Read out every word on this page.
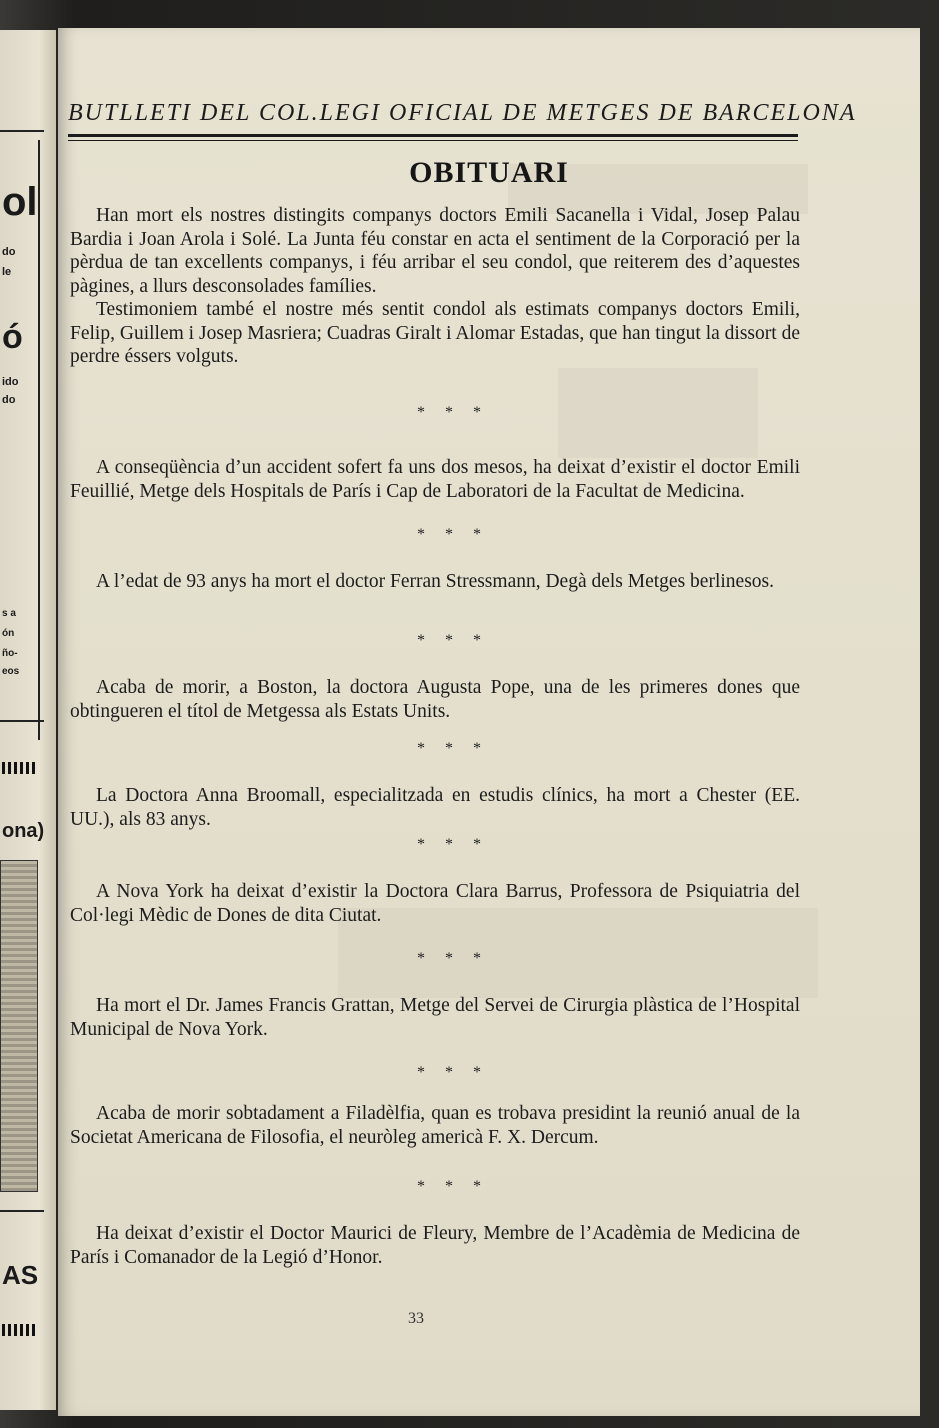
ol
do
le
ó
ido
do
s a
ón
ño-
eos
ona)
AS
BUTLLETI DEL COL.LEGI OFICIAL DE METGES DE BARCELONA
OBITUARI

Han mort els nostres distingits companys doctors Emili Sacanella i Vidal, Josep Palau Bardia i Joan Arola i Solé. La Junta féu constar en acta el sentiment de la Corporació per la pèrdua de tan excellents companys, i féu arribar el seu condol, que reiterem des d’aquestes pàgines, a llurs desconsolades famílies.

Testimoniem també el nostre més sentit condol als estimats companys doctors Emili, Felip, Guillem i Josep Masriera; Cuadras Giralt i Alomar Estadas, que han tingut la dissort de perdre éssers volguts.

* * *

A conseqüència d’un accident sofert fa uns dos mesos, ha deixat d’existir el doctor Emili Feuillié, Metge dels Hospitals de París i Cap de Laboratori de la Facultat de Medicina.

* * *

A l’edat de 93 anys ha mort el doctor Ferran Stressmann, Degà dels Metges berlinesos.

* * *

Acaba de morir, a Boston, la doctora Augusta Pope, una de les primeres dones que obtingueren el títol de Metgessa als Estats Units.

* * *

La Doctora Anna Broomall, especialitzada en estudis clínics, ha mort a Chester (EE. UU.), als 83 anys.

* * *

A Nova York ha deixat d’existir la Doctora Clara Barrus, Professora de Psiquiatria del Col·legi Mèdic de Dones de dita Ciutat.

* * *

Ha mort el Dr. James Francis Grattan, Metge del Servei de Cirurgia plàstica de l’Hospital Municipal de Nova York.

* * *

Acaba de morir sobtadament a Filadèlfia, quan es trobava presidint la reunió anual de la Societat Americana de Filosofia, el neuròleg americà F. X. Dercum.

* * *

Ha deixat d’existir el Doctor Maurici de Fleury, Membre de l’Acadèmia de Medicina de París i Comanador de la Legió d’Honor.

33
